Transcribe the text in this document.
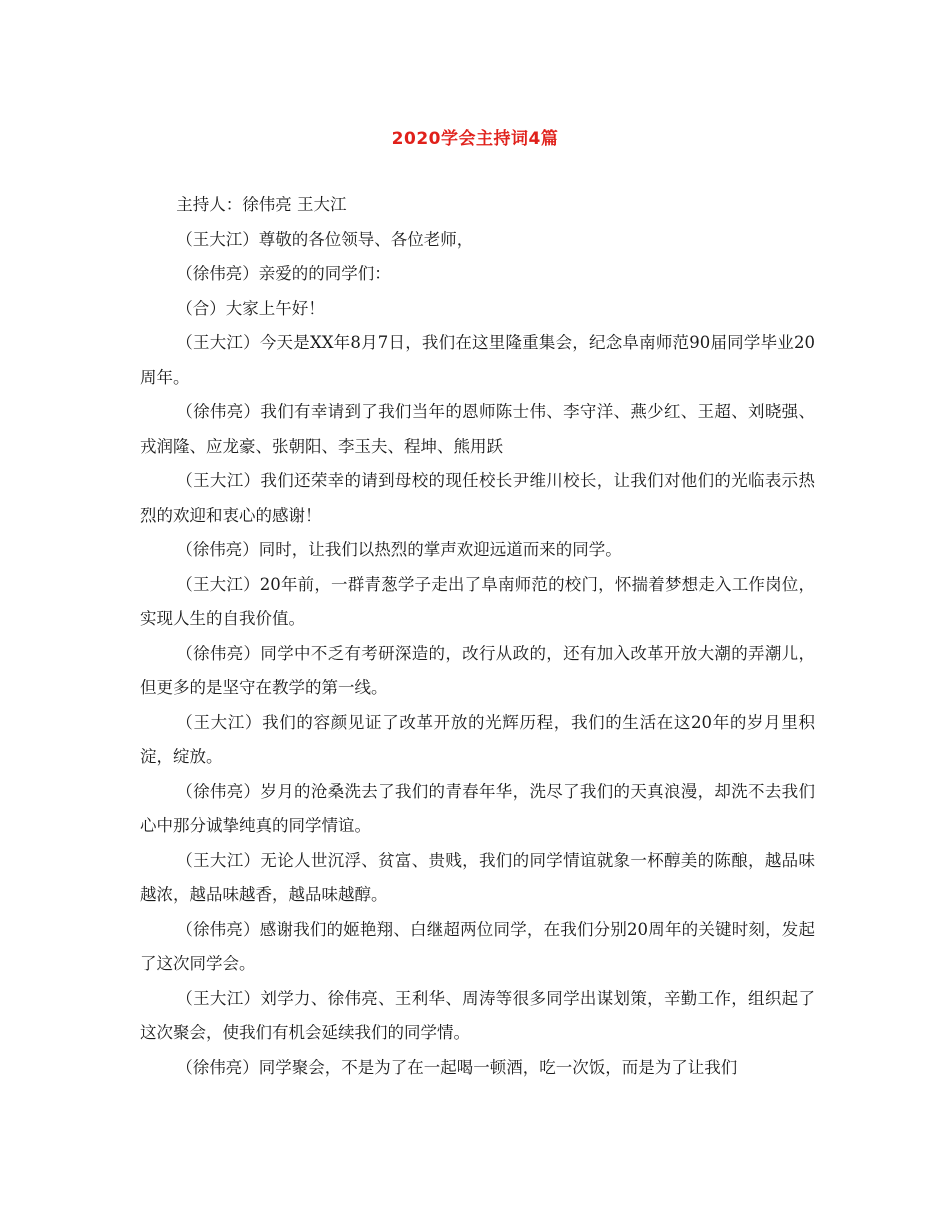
2020学会主持词4篇

主持人：徐伟亮 王大江

（王大江）尊敬的各位领导、各位老师，

（徐伟亮）亲爱的的同学们：

（合）大家上午好！

（王大江）今天是XX年8月7日，我们在这里隆重集会，纪念阜南师范90届同学毕业20周年。

（徐伟亮）我们有幸请到了我们当年的恩师陈士伟、李守洋、燕少红、王超、刘晓强、戎润隆、应龙豪、张朝阳、李玉夫、程坤、熊用跃

（王大江）我们还荣幸的请到母校的现任校长尹维川校长，让我们对他们的光临表示热烈的欢迎和衷心的感谢！

（徐伟亮）同时，让我们以热烈的掌声欢迎远道而来的同学。

（王大江）20年前，一群青葱学子走出了阜南师范的校门，怀揣着梦想走入工作岗位，实现人生的自我价值。

（徐伟亮）同学中不乏有考研深造的，改行从政的，还有加入改革开放大潮的弄潮儿，但更多的是坚守在教学的第一线。

（王大江）我们的容颜见证了改革开放的光辉历程，我们的生活在这20年的岁月里积淀，绽放。

（徐伟亮）岁月的沧桑洗去了我们的青春年华，洗尽了我们的天真浪漫，却洗不去我们心中那分诚挚纯真的同学情谊。

（王大江）无论人世沉浮、贫富、贵贱，我们的同学情谊就象一杯醇美的陈酿，越品味越浓，越品味越香，越品味越醇。

（徐伟亮）感谢我们的姬艳翔、白继超两位同学，在我们分别20周年的关键时刻，发起了这次同学会。

（王大江）刘学力、徐伟亮、王利华、周涛等很多同学出谋划策，辛勤工作，组织起了这次聚会，使我们有机会延续我们的同学情。

（徐伟亮）同学聚会，不是为了在一起喝一顿酒，吃一次饭，而是为了让我们
